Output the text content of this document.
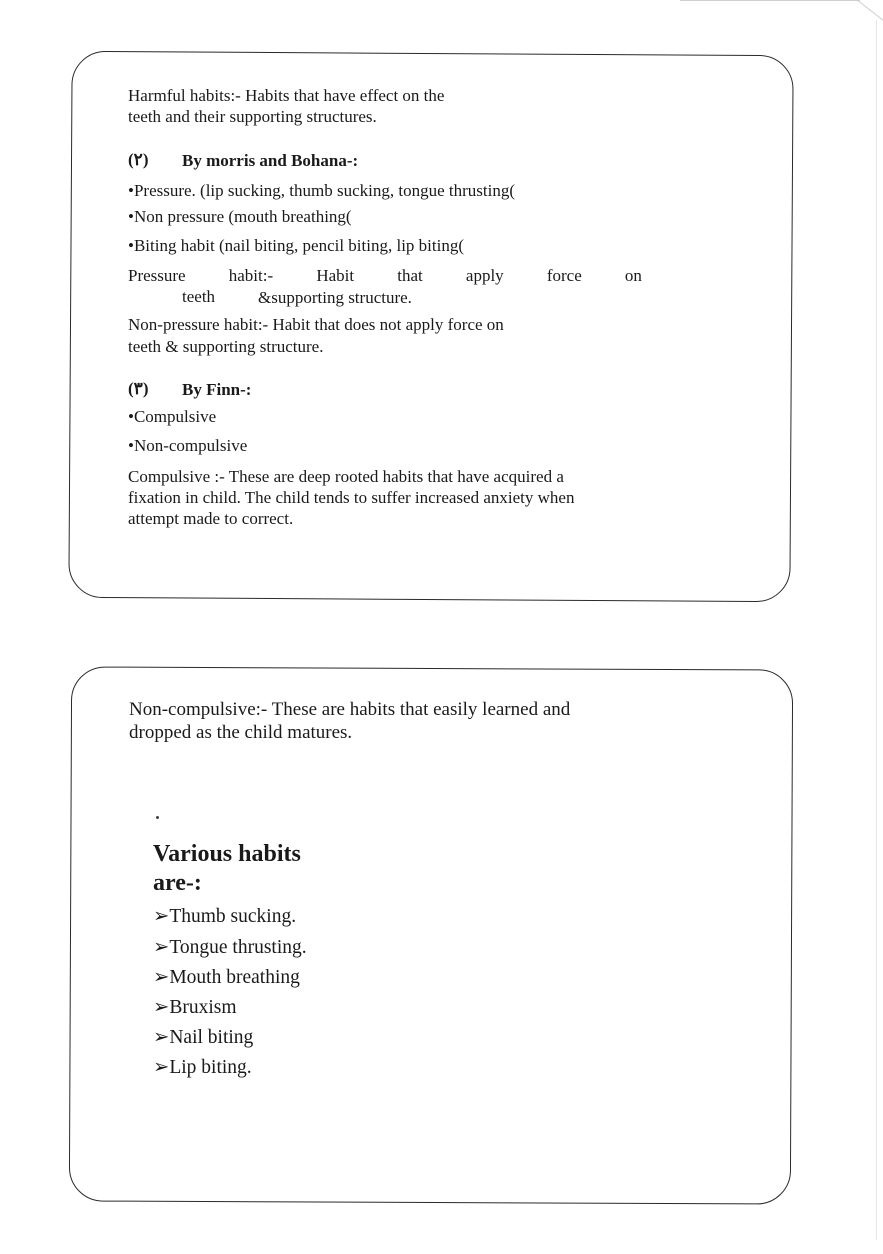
Harmful habits:- Habits that have effect on the
teeth and their supporting structures.
(٢) By morris and Bohana-:
•Pressure. (lip sucking, thumb sucking, tongue thrusting(
•Non pressure (mouth breathing(
•Biting habit (nail biting, pencil biting, lip biting(
Pressure	habit:-	Habit	that	apply	force	on
teeth	&supporting structure.
Non-pressure habit:- Habit that does not apply force on
teeth & supporting structure.
(٣) By Finn-:
•Compulsive
•Non-compulsive
Compulsive :- These are deep rooted habits that have acquired a
fixation in child. The child tends to suffer increased anxiety when
attempt made to correct.
Non-compulsive:- These are habits that easily learned and
dropped as the child matures.
Various habits
are-:
➢Thumb sucking.
➢Tongue thrusting.
➢Mouth breathing
➢Bruxism
➢Nail biting
➢Lip biting.
